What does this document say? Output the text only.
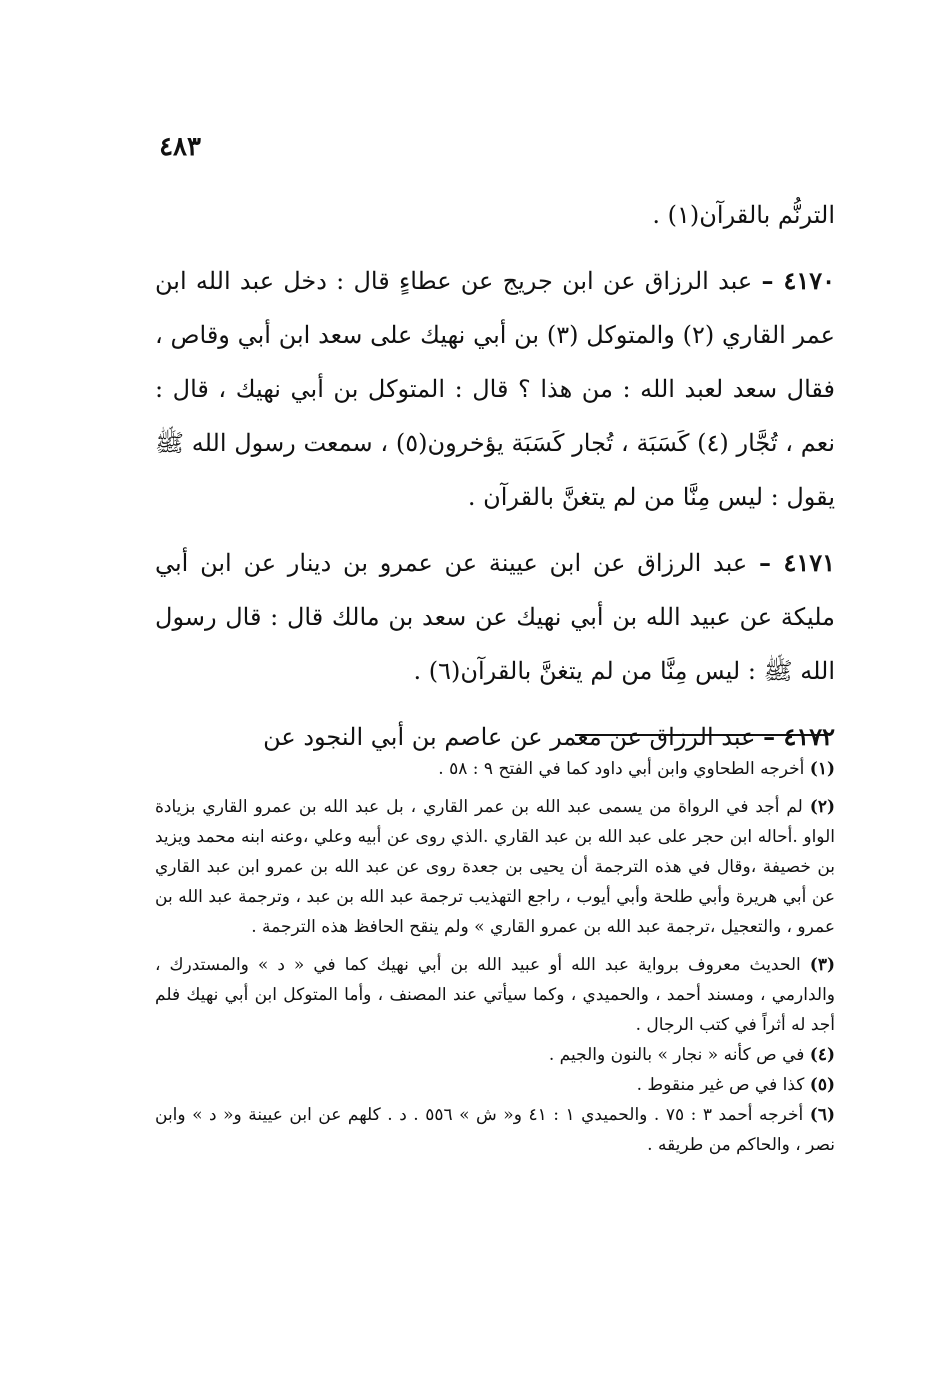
٤٨٣

الترنُّم بالقرآن(١) .

٤١٧٠ – عبد الرزاق عن ابن جريج عن عطاءٍ قال : دخل عبد الله ابن عمر القاري (٢) والمتوكل (٣) بن أبي نهيك على سعد ابن أبي وقاص ، فقال سعد لعبد الله : من هذا ؟ قال : المتوكل بن أبي نهيك ، قال : نعم ، تُجَّار (٤) كَسَبَة ، تُجار كَسَبَة يؤخرون(٥) ، سمعت رسول الله ﷺ يقول : ليس مِنَّا من لم يتغنَّ بالقرآن .

٤١٧١ – عبد الرزاق عن ابن عيينة عن عمرو بن دينار عن ابن أبي مليكة عن عبيد الله بن أبي نهيك عن سعد بن مالك قال : قال رسول الله ﷺ : ليس مِنَّا من لم يتغنَّ بالقرآن(٦) .

٤١٧٢ – عبد الرزاق عن معمر عن عاصم بن أبي النجود عن

(١) أخرجه الطحاوي وابن أبي داود كما في الفتح ٩ : ٥٨ .

(٢) لم أجد في الرواة من يسمى عبد الله بن عمر القاري ، بل عبد الله بن عمرو القاري بزيادة الواو .أحاله ابن حجر على عبد الله بن عبد القاري .الذي روى عن أبيه وعلي ،وعنه ابنه محمد ويزيد بن خصيفة ،وقال في هذه الترجمة أن يحيى بن جعدة روى عن عبد الله بن عمرو ابن عبد القاري عن أبي هريرة وأبي طلحة وأبي أيوب ، راجع التهذيب ترجمة عبد الله بن عبد ، وترجمة عبد الله بن عمرو ، والتعجيل ،ترجمة عبد الله بن عمرو القاري » ولم ينقح الحافظ هذه الترجمة .

(٣) الحديث معروف برواية عبد الله أو عبيد الله بن أبي نهيك كما في « د » والمستدرك ، والدارمي ، ومسند أحمد ، والحميدي ، وكما سيأتي عند المصنف ، وأما المتوكل ابن أبي نهيك فلم أجد له أثراً في كتب الرجال .

(٤) في ص كأنه « نجار » بالنون والجيم .

(٥) كذا في ص غير منقوط .

(٦) أخرجه أحمد ٣ : ٧٥ . والحميدي ١ : ٤١ و« ش » ٥٥٦ . د . كلهم عن ابن عيينة و« د » وابن نصر ، والحاكم من طريقه .
